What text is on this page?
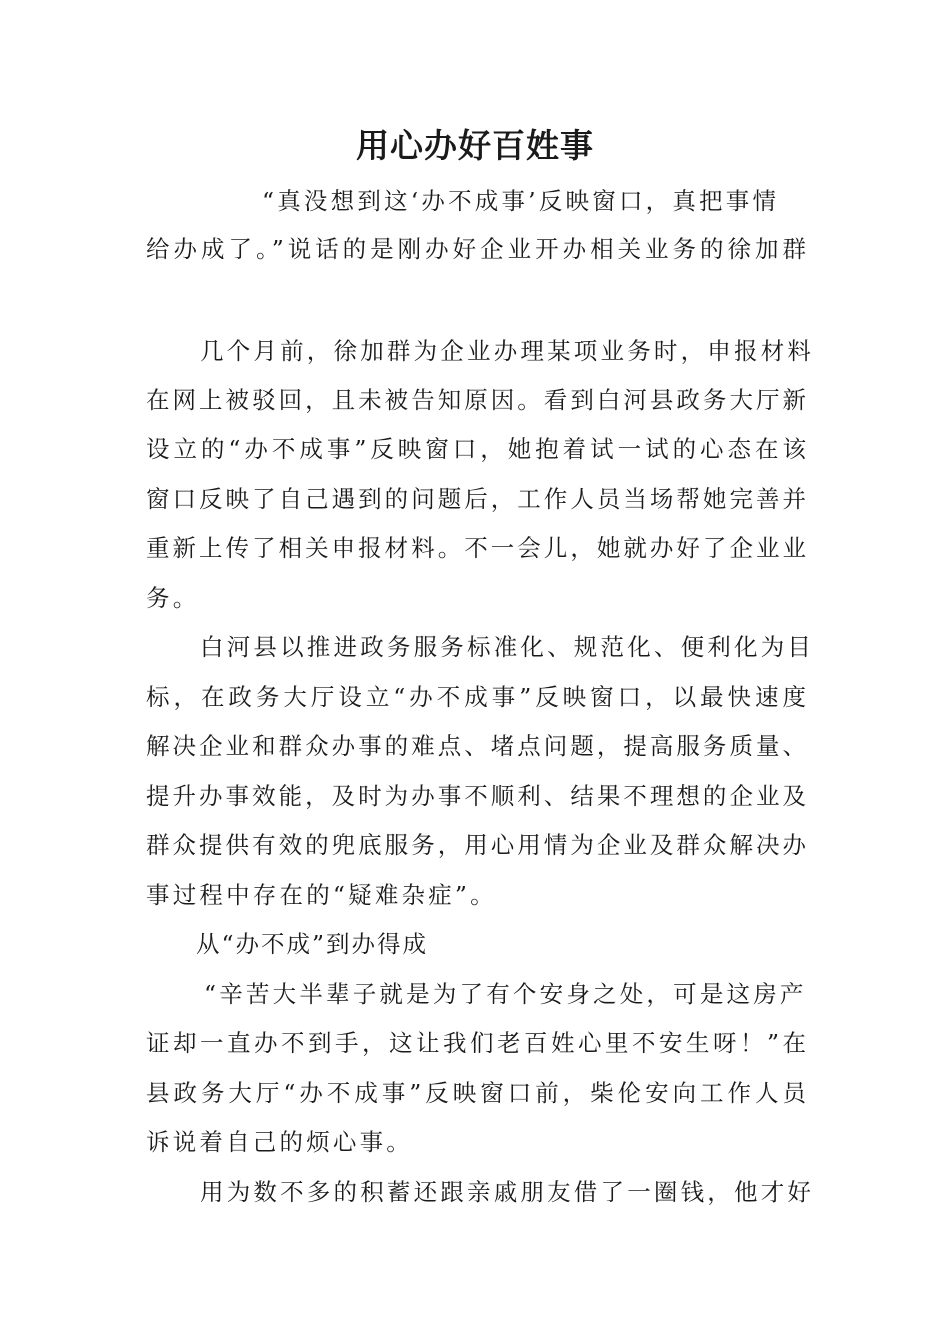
用心办好百姓事

“真没想到这‘办不成事’反映窗口，真把事情

给办成了。”说话的是刚办好企业开办相关业务的徐加群

几个月前，徐加群为企业办理某项业务时，申报材料

在网上被驳回，且未被告知原因。看到白河县政务大厅新

设立的“办不成事”反映窗口，她抱着试一试的心态在该

窗口反映了自己遇到的问题后，工作人员当场帮她完善并

重新上传了相关申报材料。不一会儿，她就办好了企业业

务。

白河县以推进政务服务标准化、规范化、便利化为目

标，在政务大厅设立“办不成事”反映窗口，以最快速度

解决企业和群众办事的难点、堵点问题，提高服务质量、

提升办事效能，及时为办事不顺利、结果不理想的企业及

群众提供有效的兜底服务，用心用情为企业及群众解决办

事过程中存在的“疑难杂症”。

从“办不成”到办得成

“辛苦大半辈子就是为了有个安身之处，可是这房产

证却一直办不到手，这让我们老百姓心里不安生呀！”在

县政务大厅“办不成事”反映窗口前，柴伦安向工作人员

诉说着自己的烦心事。

用为数不多的积蓄还跟亲戚朋友借了一圈钱，他才好
